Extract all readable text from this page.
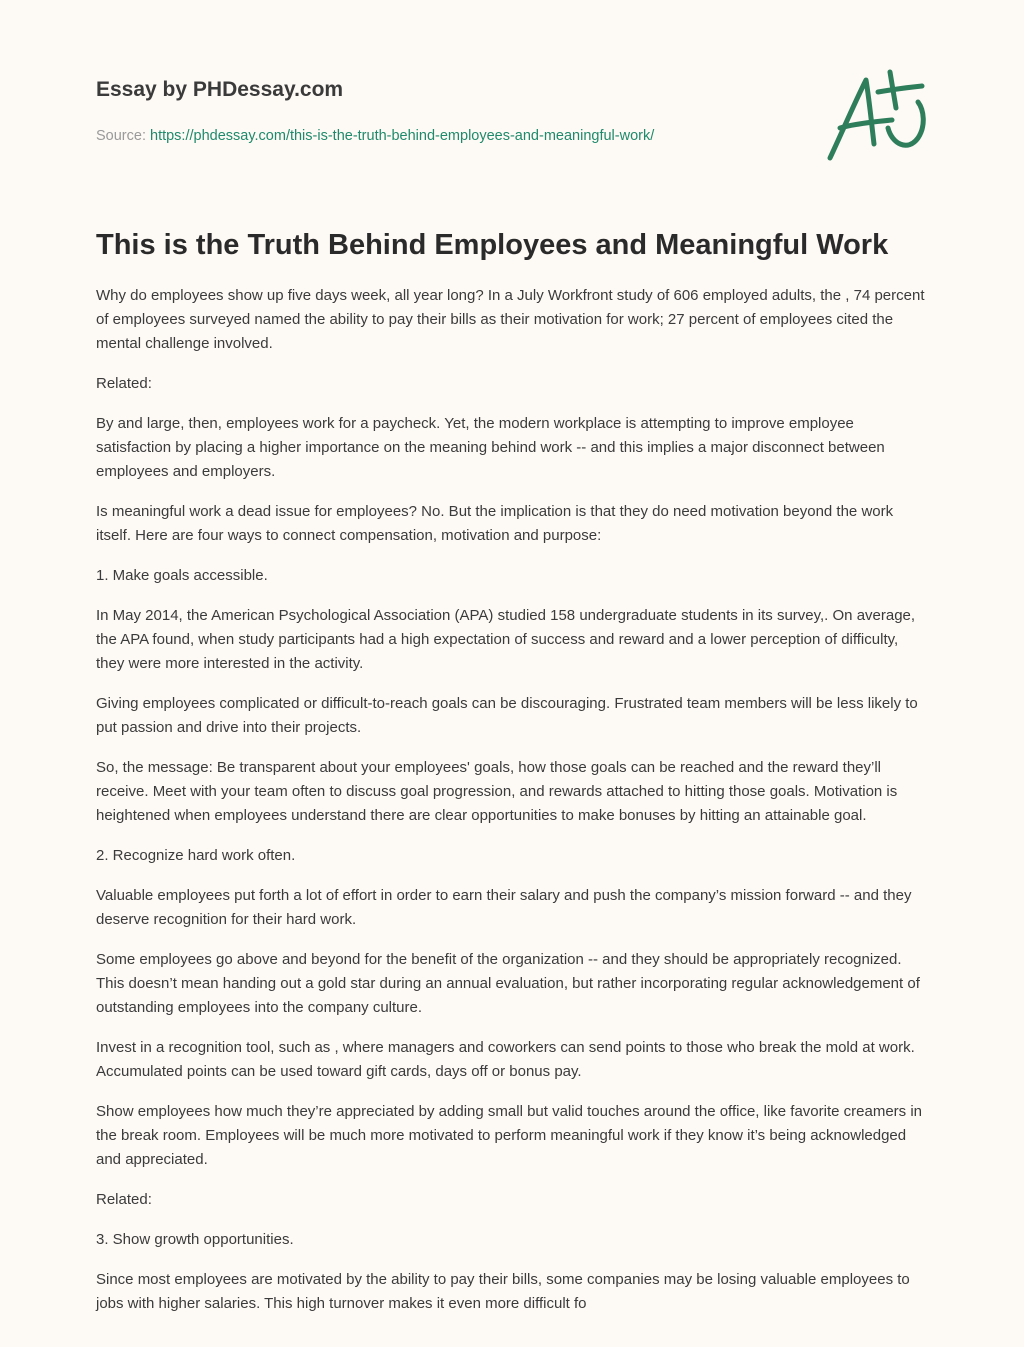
Essay by PHDessay.com
Source: https://phdessay.com/this-is-the-truth-behind-employees-and-meaningful-work/
This is the Truth Behind Employees and Meaningful Work

Why do employees show up five days week, all year long? In a July Workfront study of 606 employed adults, the , 74 percent of employees surveyed named the ability to pay their bills as their motivation for work; 27 percent of employees cited the mental challenge involved.

Related:

By and large, then, employees work for a paycheck. Yet, the modern workplace is attempting to improve employee satisfaction by placing a higher importance on the meaning behind work -- and this implies a major disconnect between employees and employers.

Is meaningful work a dead issue for employees? No. But the implication is that they do need motivation beyond the work itself. Here are four ways to connect compensation, motivation and purpose:

1. Make goals accessible.

In May 2014, the American Psychological Association (APA) studied 158 undergraduate students in its survey,. On average, the APA found, when study participants had a high expectation of success and reward and a lower perception of difficulty, they were more interested in the activity.

Giving employees complicated or difficult-to-reach goals can be discouraging. Frustrated team members will be less likely to put passion and drive into their projects.

So, the message: Be transparent about your employees' goals, how those goals can be reached and the reward they’ll receive. Meet with your team often to discuss goal progression, and rewards attached to hitting those goals. Motivation is heightened when employees understand there are clear opportunities to make bonuses by hitting an attainable goal.

2. Recognize hard work often.

Valuable employees put forth a lot of effort in order to earn their salary and push the company’s mission forward -- and they deserve recognition for their hard work.

Some employees go above and beyond for the benefit of the organization -- and they should be appropriately recognized. This doesn’t mean handing out a gold star during an annual evaluation, but rather incorporating regular acknowledgement of outstanding employees into the company culture.

Invest in a recognition tool, such as , where managers and coworkers can send points to those who break the mold at work. Accumulated points can be used toward gift cards, days off or bonus pay.

Show employees how much they’re appreciated by adding small but valid touches around the office, like favorite creamers in the break room. Employees will be much more motivated to perform meaningful work if they know it’s being acknowledged and appreciated.

Related:

3. Show growth opportunities.

Since most employees are motivated by the ability to pay their bills, some companies may be losing valuable employees to jobs with higher salaries. This high turnover makes it even more difficult fo
